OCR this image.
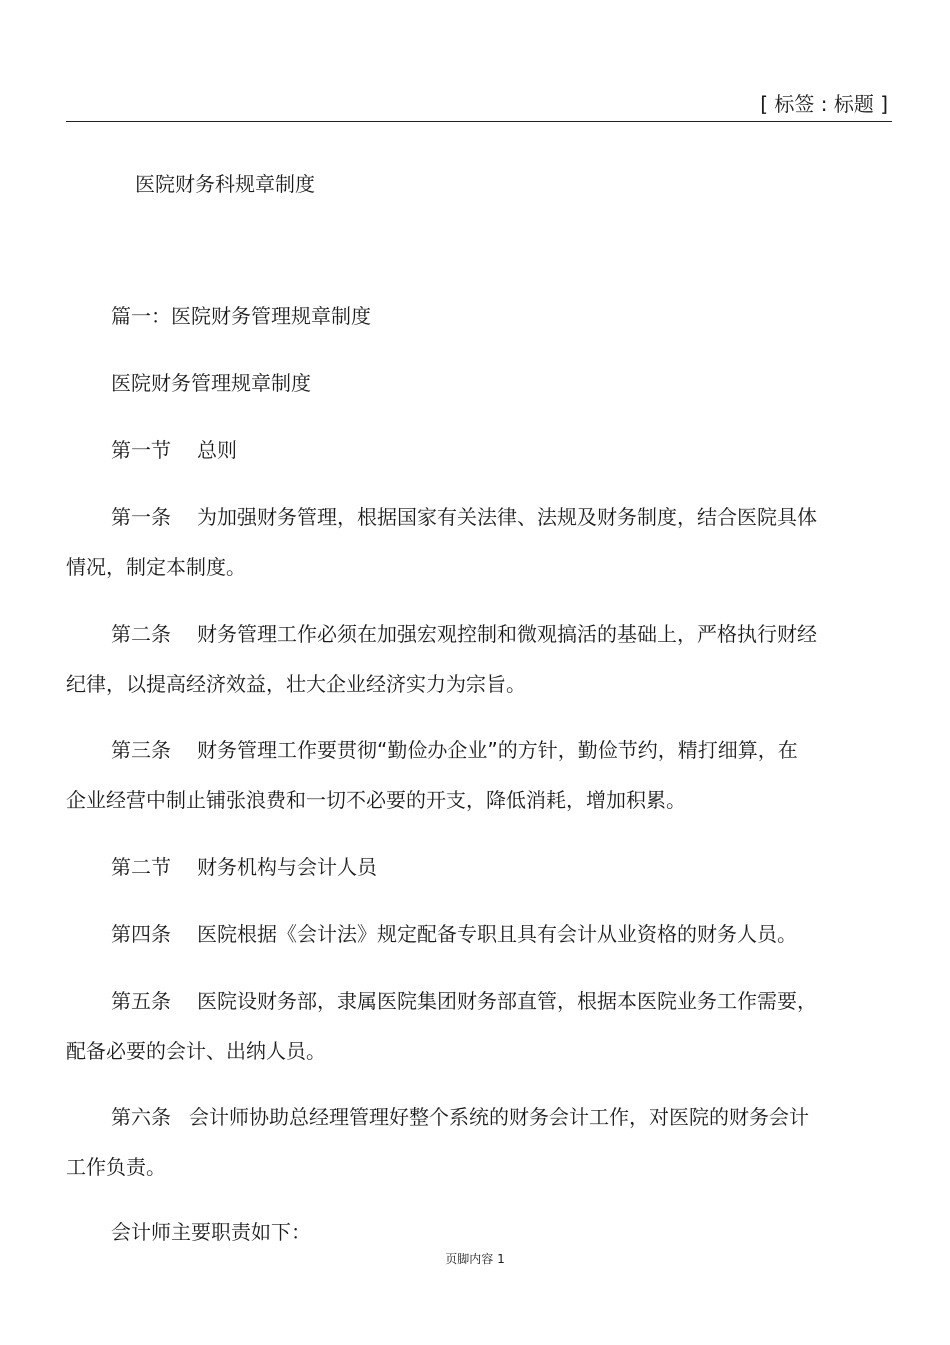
[ 标签 : 标题 ]
医院财务科规章制度
篇一：医院财务管理规章制度
医院财务管理规章制度
第一节 总则
第一条 为加强财务管理，根据国家有关法律、法规及财务制度，结合医院具体
情况，制定本制度。
第二条 财务管理工作必须在加强宏观控制和微观搞活的基础上，严格执行财经
纪律，以提高经济效益，壮大企业经济实力为宗旨。
第三条 财务管理工作要贯彻“勤俭办企业”的方针，勤俭节约，精打细算，在
企业经营中制止铺张浪费和一切不必要的开支，降低消耗，增加积累。
第二节 财务机构与会计人员
第四条 医院根据《会计法》规定配备专职且具有会计从业资格的财务人员。
第五条 医院设财务部，隶属医院集团财务部直管，根据本医院业务工作需要，
配备必要的会计、出纳人员。
第六条 会计师协助总经理管理好整个系统的财务会计工作，对医院的财务会计
工作负责。
会计师主要职责如下：
页脚内容 1
